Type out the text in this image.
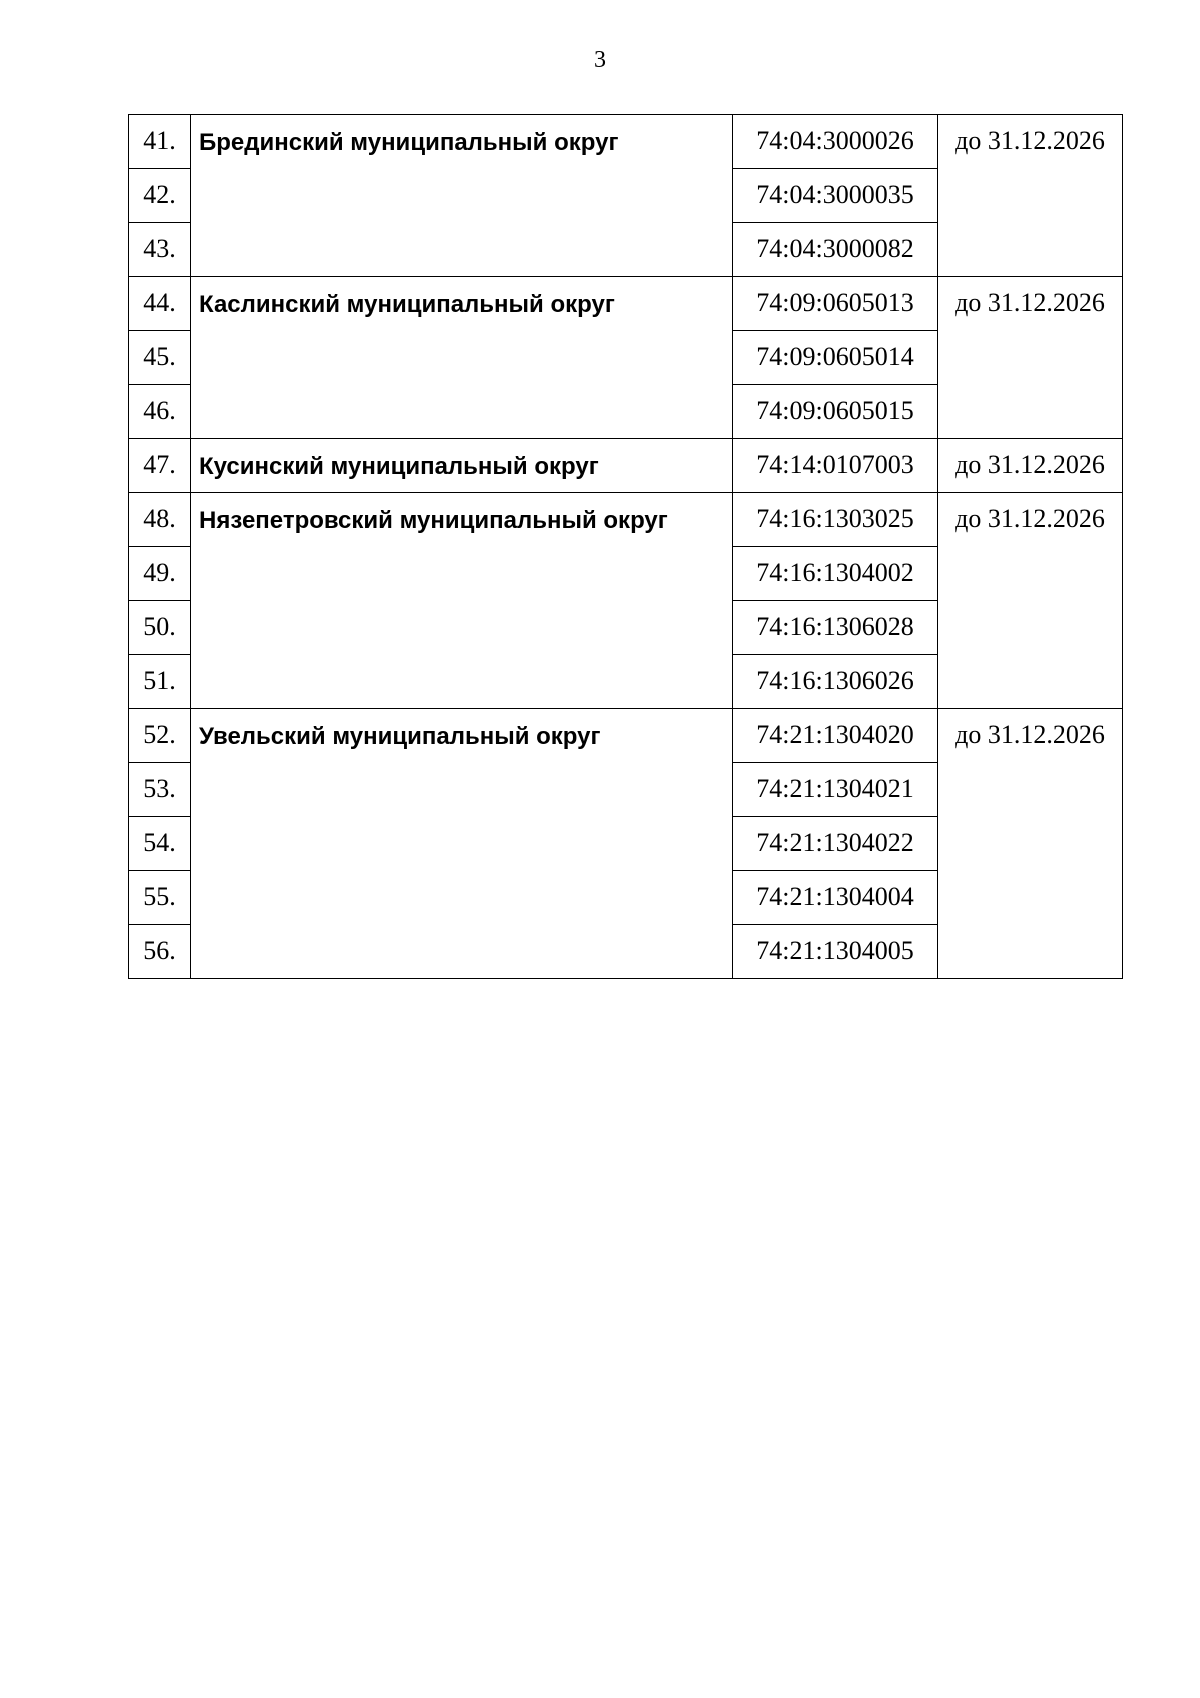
3
41.	Брединский муниципальный округ	74:04:3000026	до 31.12.2026
42.		74:04:3000035	
43.		74:04:3000082	
44.	Каслинский муниципальный округ	74:09:0605013	до 31.12.2026
45.		74:09:0605014	
46.		74:09:0605015	
47.	Кусинский муниципальный округ	74:14:0107003	до 31.12.2026
48.	Нязепетровский муниципальный округ	74:16:1303025	до 31.12.2026
49.		74:16:1304002	
50.		74:16:1306028	
51.		74:16:1306026	
52.	Увельский муниципальный округ	74:21:1304020	до 31.12.2026
53.		74:21:1304021	
54.		74:21:1304022	
55.		74:21:1304004	
56.		74:21:1304005	
